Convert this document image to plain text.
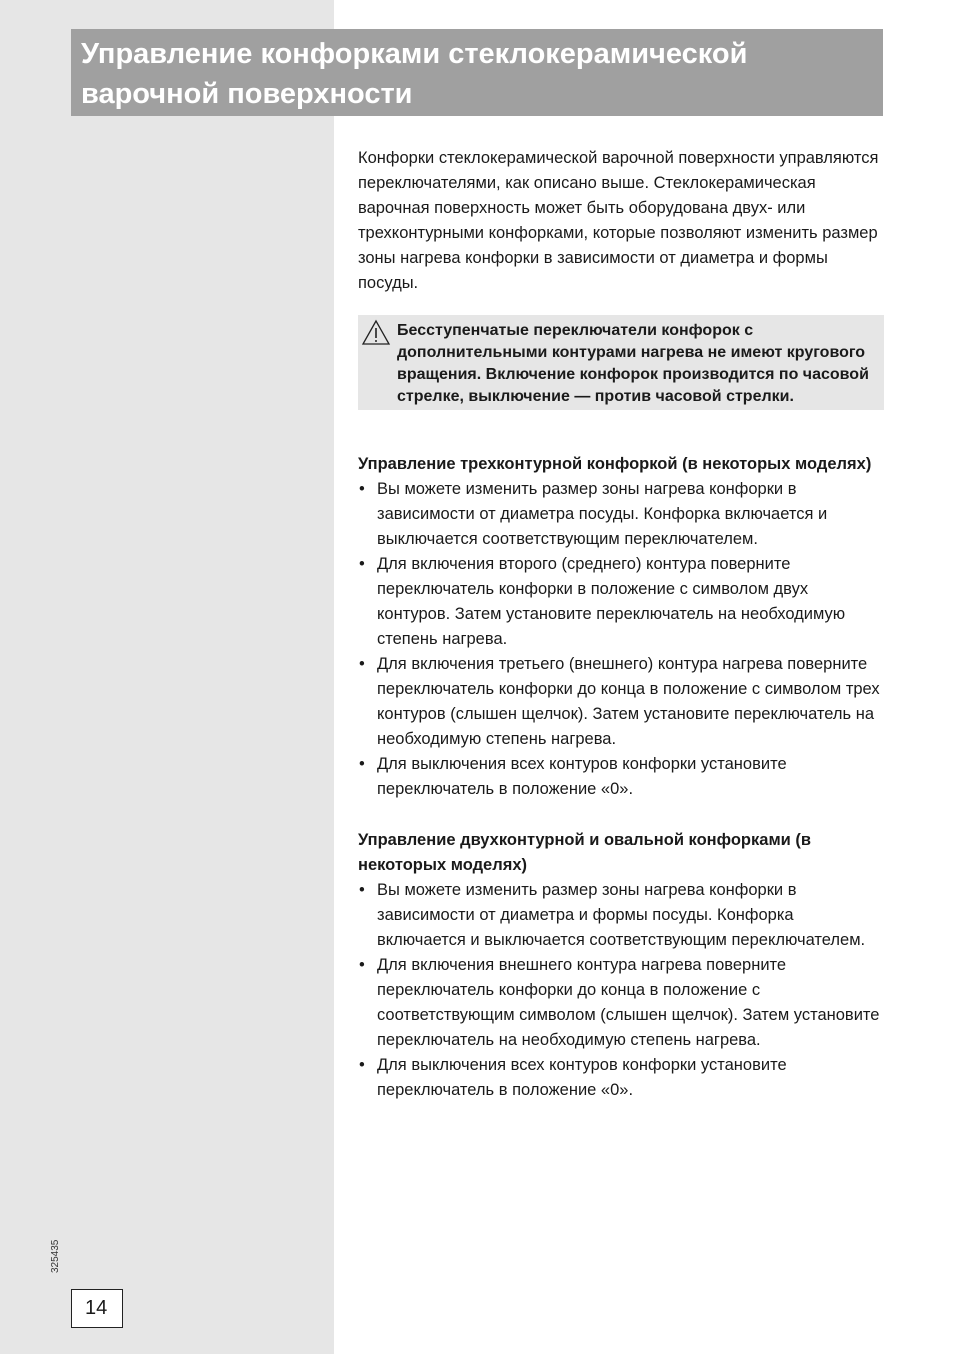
Управление конфорками стеклокерамической варочной поверхности

Конфорки стеклокерамической варочной поверхности управляются переключателями, как описано выше. Стеклокерамическая варочная поверхность может быть оборудована двух- или трехконтурными конфорками, которые позволяют изменить размер зоны нагрева конфорки в зависимости от диаметра и формы посуды.

Бесступенчатые переключатели конфорок с дополнительными контурами нагрева не имеют кругового вращения. Включение конфорок производится по часовой стрелке, выключение — против часовой стрелки.

Управление трехконтурной конфоркой (в некоторых моделях)

• Вы можете изменить размер зоны нагрева конфорки в зависимости от диаметра посуды. Конфорка включается и выключается соответствующим переключателем.
• Для включения второго (среднего) контура поверните переключатель конфорки в положение с символом двух контуров. Затем установите переключатель на необходимую степень нагрева.
• Для включения третьего (внешнего) контура нагрева поверните переключатель конфорки до конца в положение с символом трех контуров (слышен щелчок). Затем установите переключатель на необходимую степень нагрева.
• Для выключения всех контуров конфорки установите переключатель в положение «0».

Управление двухконтурной и овальной конфорками (в некоторых моделях)

• Вы можете изменить размер зоны нагрева конфорки в зависимости от диаметра и формы посуды. Конфорка включается и выключается соответствующим переключателем.
• Для включения внешнего контура нагрева поверните переключатель конфорки до конца в положение с соответствующим символом (слышен щелчок). Затем установите переключатель на необходимую степень нагрева.
• Для выключения всех контуров конфорки установите переключатель в положение «0».
325435
14
